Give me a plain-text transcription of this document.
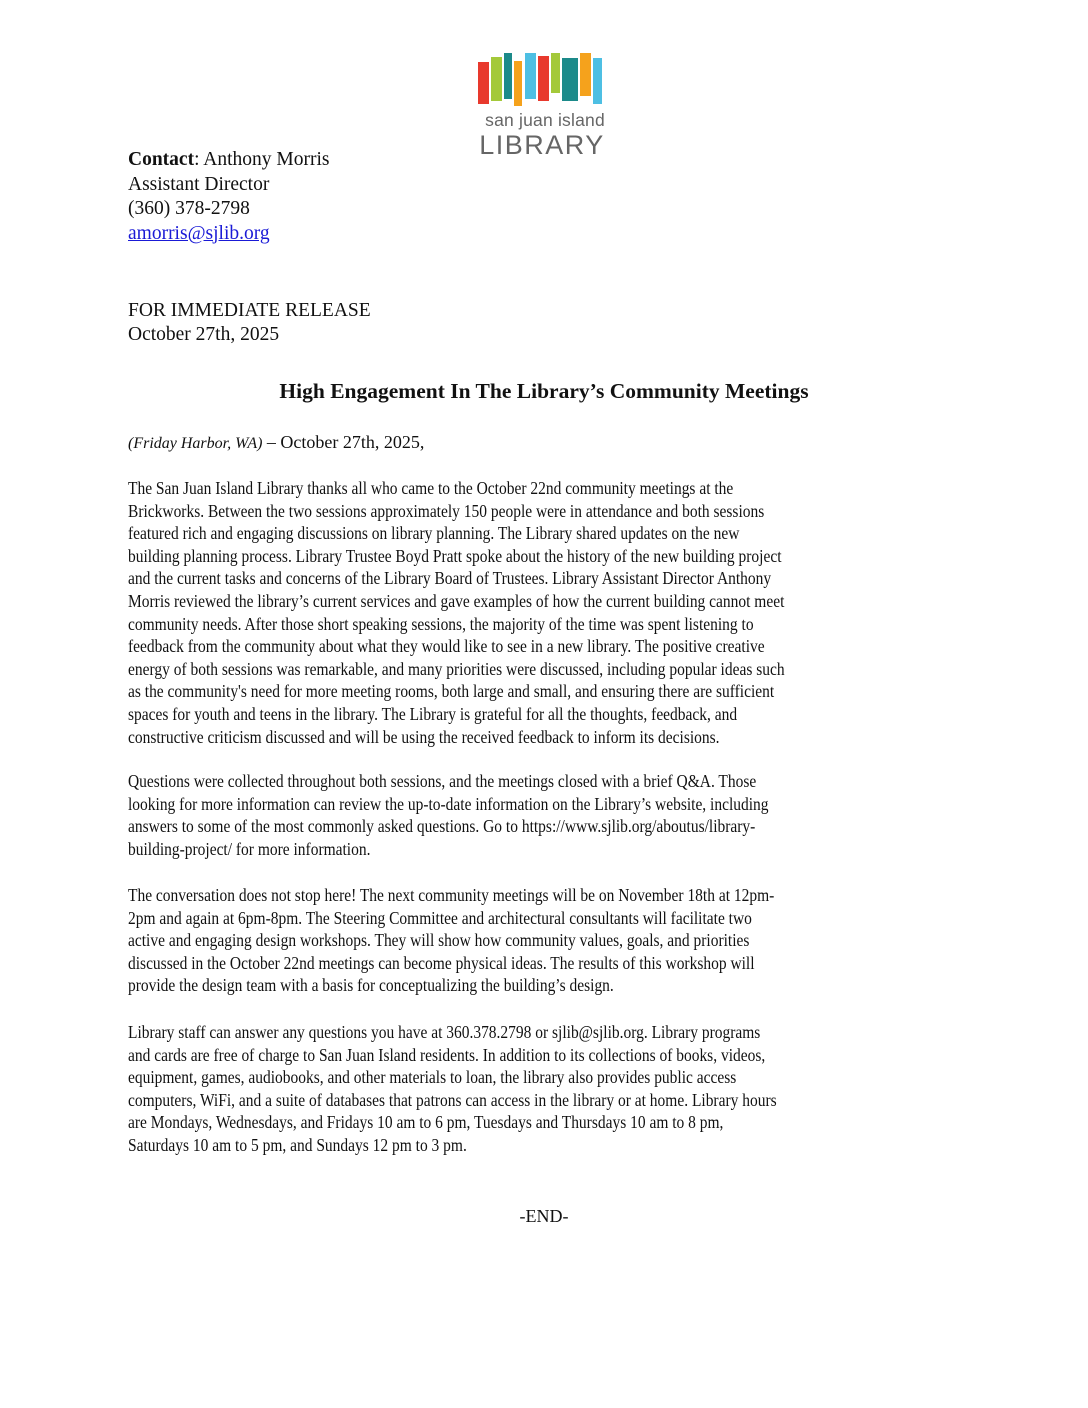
san juan island
LIBRARY
Contact: Anthony Morris
Assistant Director
(360) 378-2798
amorris@sjlib.org
FOR IMMEDIATE RELEASE
October 27th, 2025
High Engagement In The Library’s Community Meetings
(Friday Harbor, WA) – October 27th, 2025,
The San Juan Island Library thanks all who came to the October 22nd community meetings at the
Brickworks. Between the two sessions approximately 150 people were in attendance and both sessions
featured rich and engaging discussions on library planning. The Library shared updates on the new
building planning process. Library Trustee Boyd Pratt spoke about the history of the new building project
and the current tasks and concerns of the Library Board of Trustees. Library Assistant Director Anthony
Morris reviewed the library’s current services and gave examples of how the current building cannot meet
community needs. After those short speaking sessions, the majority of the time was spent listening to
feedback from the community about what they would like to see in a new library. The positive creative
energy of both sessions was remarkable, and many priorities were discussed, including popular ideas such
as the community's need for more meeting rooms, both large and small, and ensuring there are sufficient
spaces for youth and teens in the library. The Library is grateful for all the thoughts, feedback, and
constructive criticism discussed and will be using the received feedback to inform its decisions.
Questions were collected throughout both sessions, and the meetings closed with a brief Q&A. Those
looking for more information can review the up-to-date information on the Library’s website, including
answers to some of the most commonly asked questions. Go to https://www.sjlib.org/aboutus/library-
building-project/ for more information.
The conversation does not stop here! The next community meetings will be on November 18th at 12pm-
2pm and again at 6pm-8pm. The Steering Committee and architectural consultants will facilitate two
active and engaging design workshops. They will show how community values, goals, and priorities
discussed in the October 22nd meetings can become physical ideas. The results of this workshop will
provide the design team with a basis for conceptualizing the building’s design.
Library staff can answer any questions you have at 360.378.2798 or sjlib@sjlib.org. Library programs
and cards are free of charge to San Juan Island residents. In addition to its collections of books, videos,
equipment, games, audiobooks, and other materials to loan, the library also provides public access
computers, WiFi, and a suite of databases that patrons can access in the library or at home. Library hours
are Mondays, Wednesdays, and Fridays 10 am to 6 pm, Tuesdays and Thursdays 10 am to 8 pm,
Saturdays 10 am to 5 pm, and Sundays 12 pm to 3 pm.
-END-
